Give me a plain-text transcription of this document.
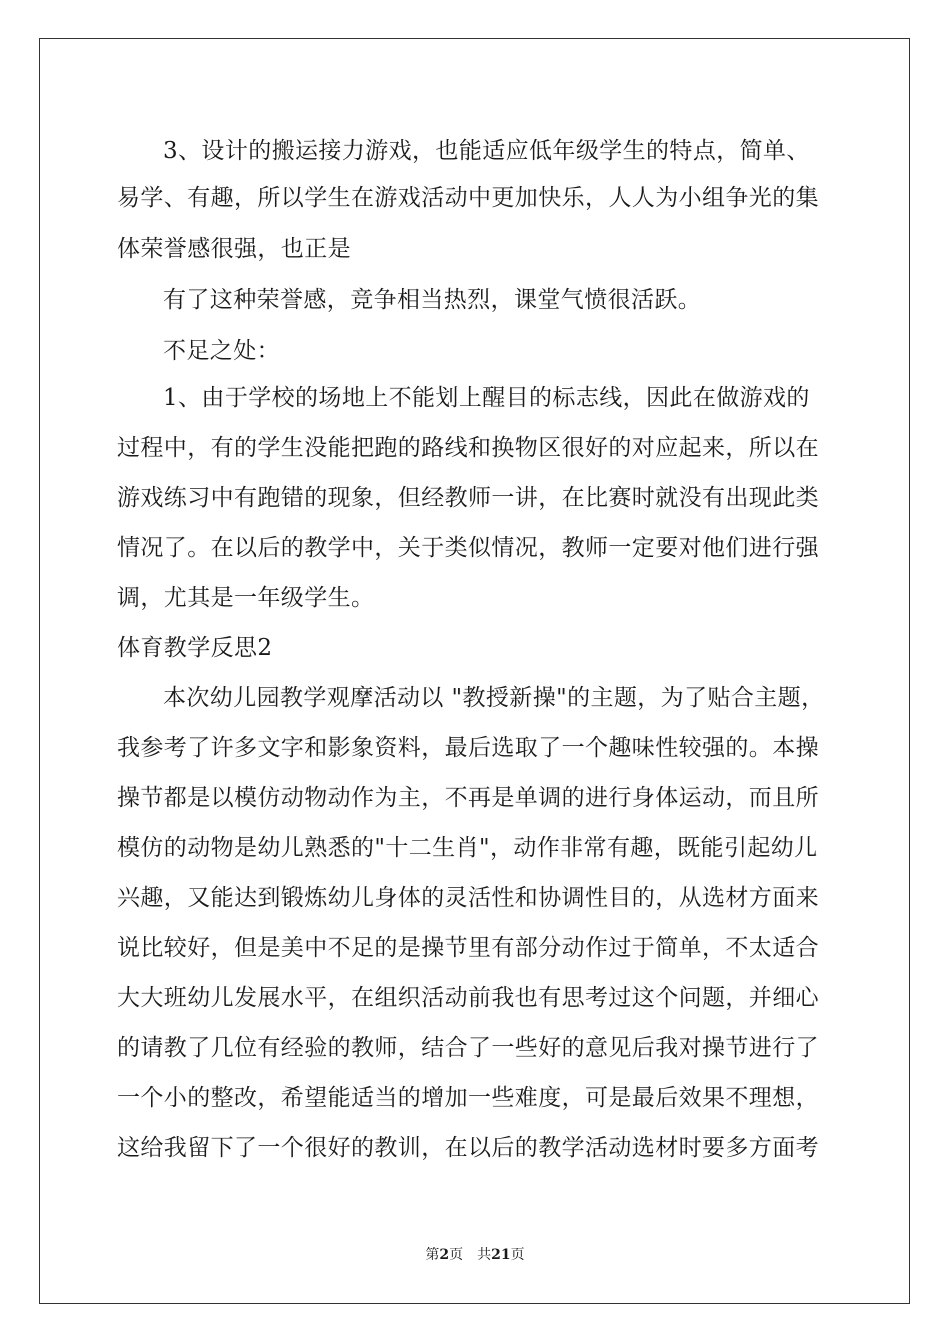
3、设计的搬运接力游戏，也能适应低年级学生的特点，简单、
易学、有趣，所以学生在游戏活动中更加快乐，人人为小组争光的集
体荣誉感很强，也正是
有了这种荣誉感，竞争相当热烈，课堂气愤很活跃。
不足之处：
1、由于学校的场地上不能划上醒目的标志线，因此在做游戏的
过程中，有的学生没能把跑的路线和换物区很好的对应起来，所以在
游戏练习中有跑错的现象，但经教师一讲，在比赛时就没有出现此类
情况了。在以后的教学中，关于类似情况，教师一定要对他们进行强
调，尤其是一年级学生。
体育教学反思2
本次幼儿园教学观摩活动以 "教授新操"的主题，为了贴合主题，
我参考了许多文字和影象资料，最后选取了一个趣味性较强的。本操
操节都是以模仿动物动作为主，不再是单调的进行身体运动，而且所
模仿的动物是幼儿熟悉的"十二生肖"，动作非常有趣，既能引起幼儿
兴趣，又能达到锻炼幼儿身体的灵活性和协调性目的，从选材方面来
说比较好，但是美中不足的是操节里有部分动作过于简单，不太适合
大大班幼儿发展水平，在组织活动前我也有思考过这个问题，并细心
的请教了几位有经验的教师，结合了一些好的意见后我对操节进行了
一个小的整改，希望能适当的增加一些难度，可是最后效果不理想，
这给我留下了一个很好的教训，在以后的教学活动选材时要多方面考
第2页 共21页
